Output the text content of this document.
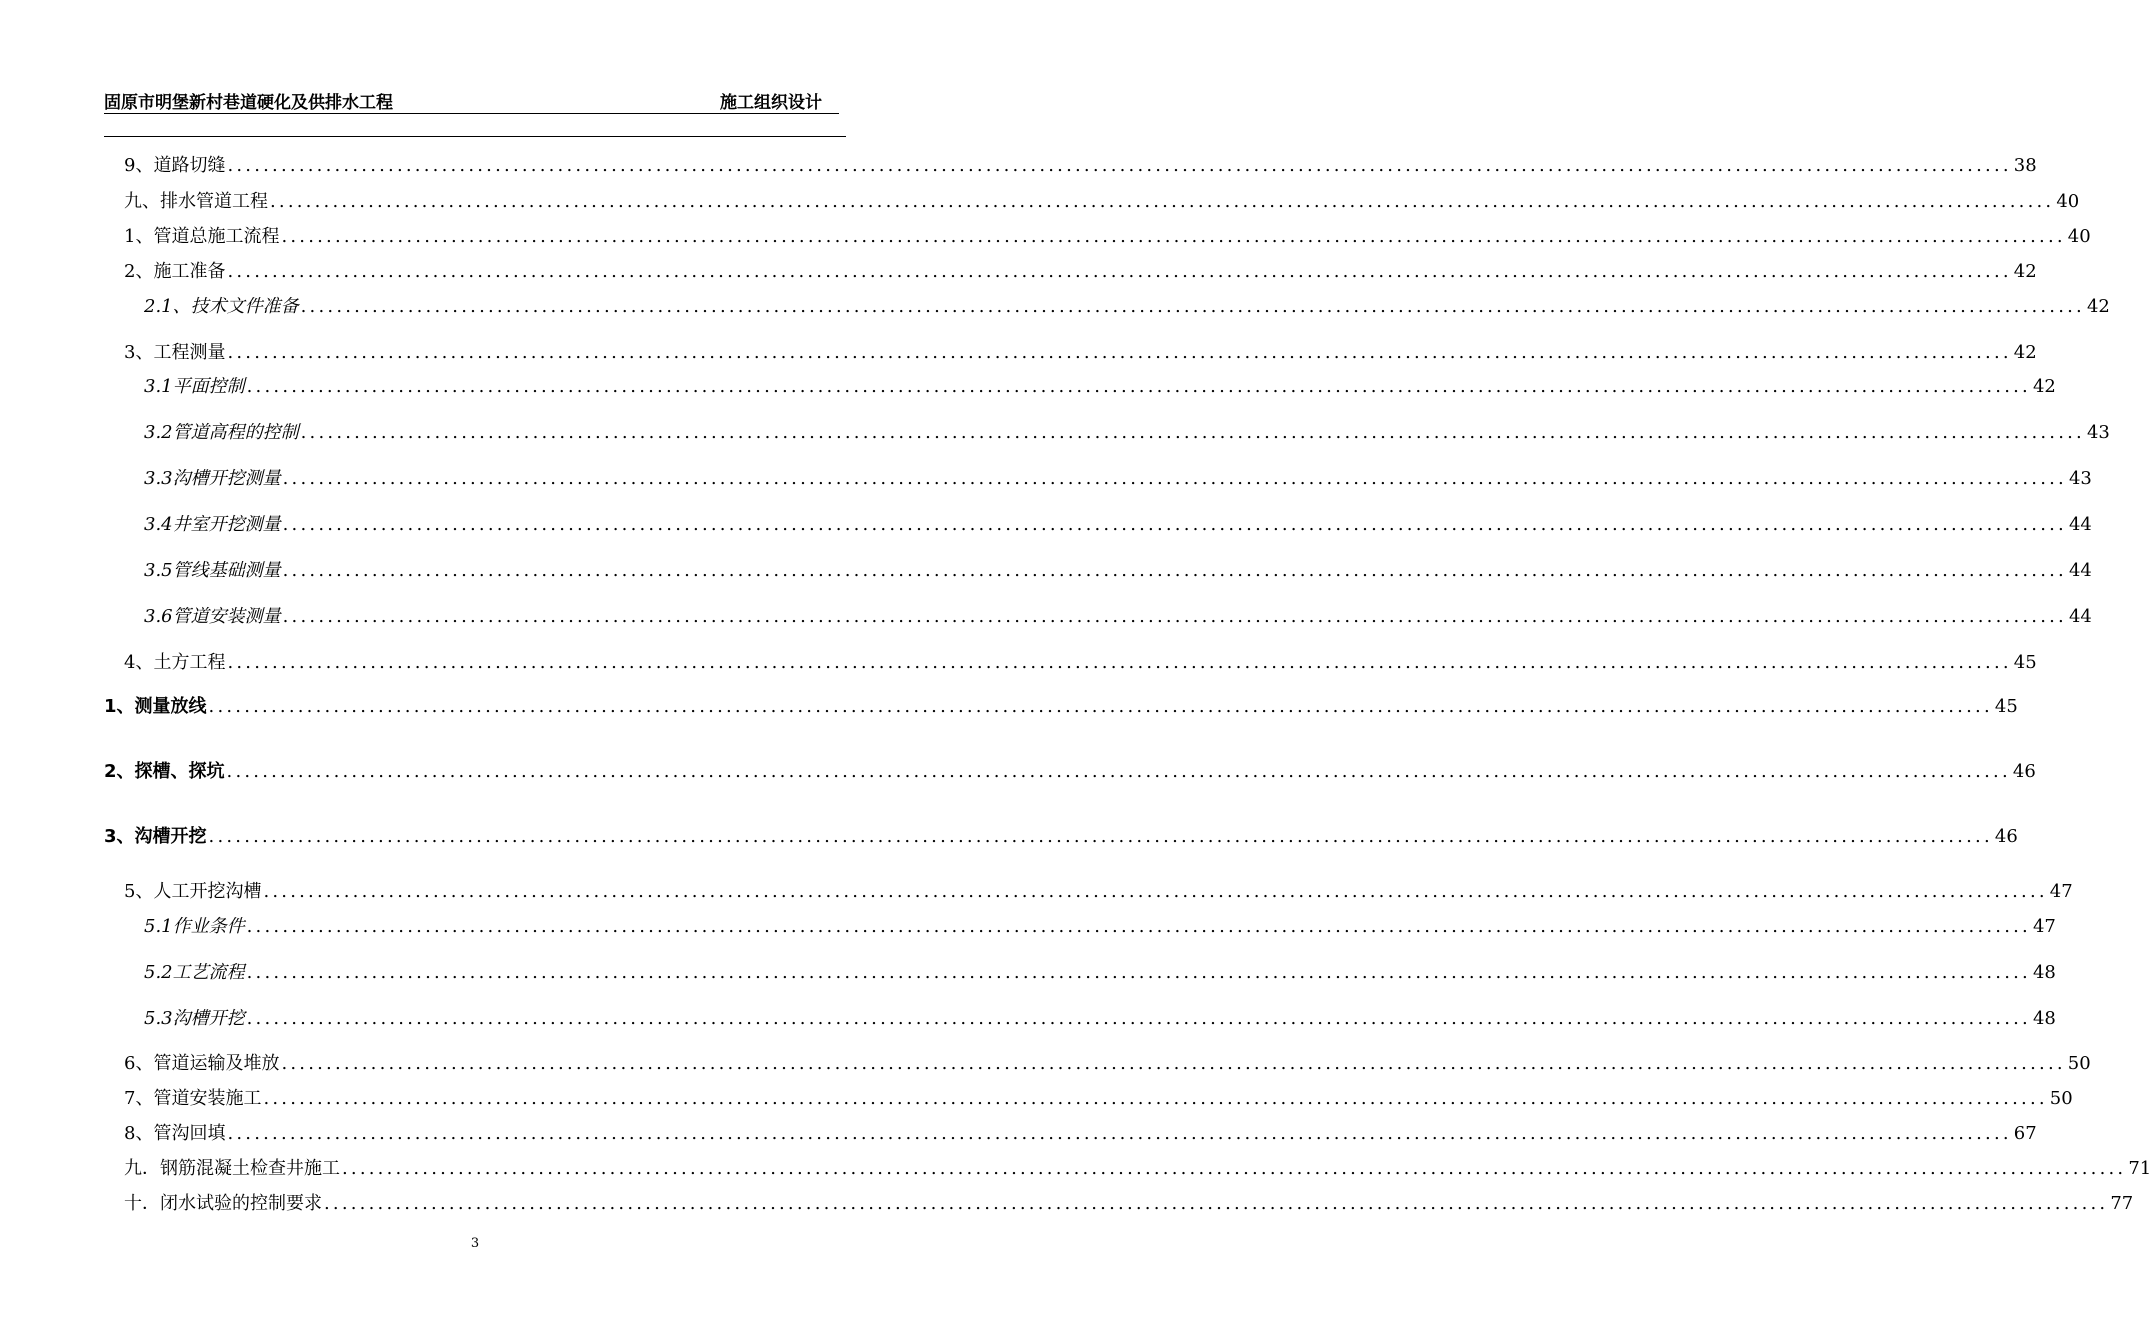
固原市明堡新村巷道硬化及供排水工程	施工组织设计
9、道路切缝 ........................................................................................................................................................................................................ 38
九、排水管道工程 ........................................................................................................................................................................................................ 40
1、管道总施工流程 ........................................................................................................................................................................................................ 40
2、施工准备 ........................................................................................................................................................................................................ 42
2.1、技术文件准备 ........................................................................................................................................................................................................ 42
3、工程测量 ........................................................................................................................................................................................................ 42
3.1平面控制 ........................................................................................................................................................................................................ 42
3.2管道高程的控制 ........................................................................................................................................................................................................ 43
3.3沟槽开挖测量 ........................................................................................................................................................................................................ 43
3.4井室开挖测量 ........................................................................................................................................................................................................ 44
3.5管线基础测量 ........................................................................................................................................................................................................ 44
3.6管道安装测量 ........................................................................................................................................................................................................ 44
4、土方工程 ........................................................................................................................................................................................................ 45
1、测量放线 ........................................................................................................................................................................................................ 45
2、探槽、探坑 ........................................................................................................................................................................................................ 46
3、沟槽开挖 ........................................................................................................................................................................................................ 46
5、人工开挖沟槽 ........................................................................................................................................................................................................ 47
5.1作业条件 ........................................................................................................................................................................................................ 47
5.2工艺流程 ........................................................................................................................................................................................................ 48
5.3沟槽开挖 ........................................................................................................................................................................................................ 48
6、管道运输及堆放 ........................................................................................................................................................................................................ 50
7、管道安装施工 ........................................................................................................................................................................................................ 50
8、管沟回填 ........................................................................................................................................................................................................ 67
九．钢筋混凝土检查井施工 ........................................................................................................................................................................................................ 71
十．闭水试验的控制要求 ........................................................................................................................................................................................................ 77
3
